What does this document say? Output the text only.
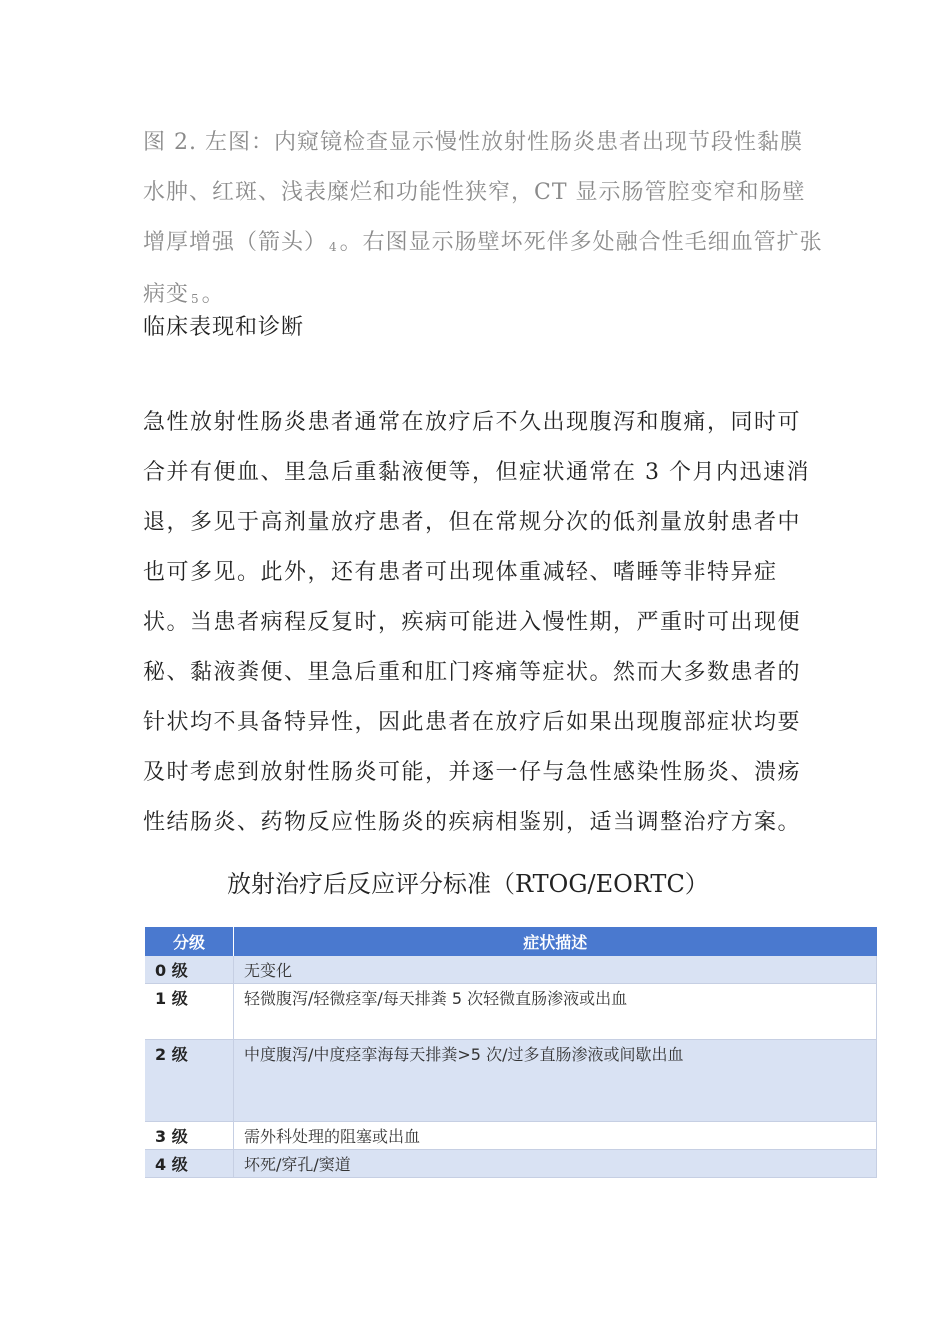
图 2. 左图：内窥镜检查显示慢性放射性肠炎患者出现节段性黏膜水肿、红斑、浅表糜烂和功能性狭窄，CT 显示肠管腔变窄和肠壁增厚增强（箭头） $_4$。右图显示肠壁坏死伴多处融合性毛细血管扩张病变 $_5$。
临床表现和诊断
急性放射性肠炎患者通常在放疗后不久出现腹泻和腹痛，同时可合并有便血、里急后重黏液便等，但症状通常在 3 个月内迅速消退，多见于高剂量放疗患者，但在常规分次的低剂量放射患者中也可多见。此外，还有患者可出现体重减轻、嗜睡等非特异症状。当患者病程反复时，疾病可能进入慢性期，严重时可出现便秘、黏液粪便、里急后重和肛门疼痛等症状。然而大多数患者的针状均不具备特异性，因此患者在放疗后如果出现腹部症状均要及时考虑到放射性肠炎可能，并逐一仔与急性感染性肠炎、溃疡性结肠炎、药物反应性肠炎的疾病相鉴别，适当调整治疗方案。
放射治疗后反应评分标准（RTOG/EORTC）
分级	症状描述
0 级	无变化
1 级	轻微腹泻/轻微痉挛/每天排粪 5 次轻微直肠渗液或出血
2 级	中度腹泻/中度痉挛海每天排粪>5 次/过多直肠渗液或间歇出血
3 级	需外科处理的阻塞或出血
4 级	坏死/穿孔/窦道
